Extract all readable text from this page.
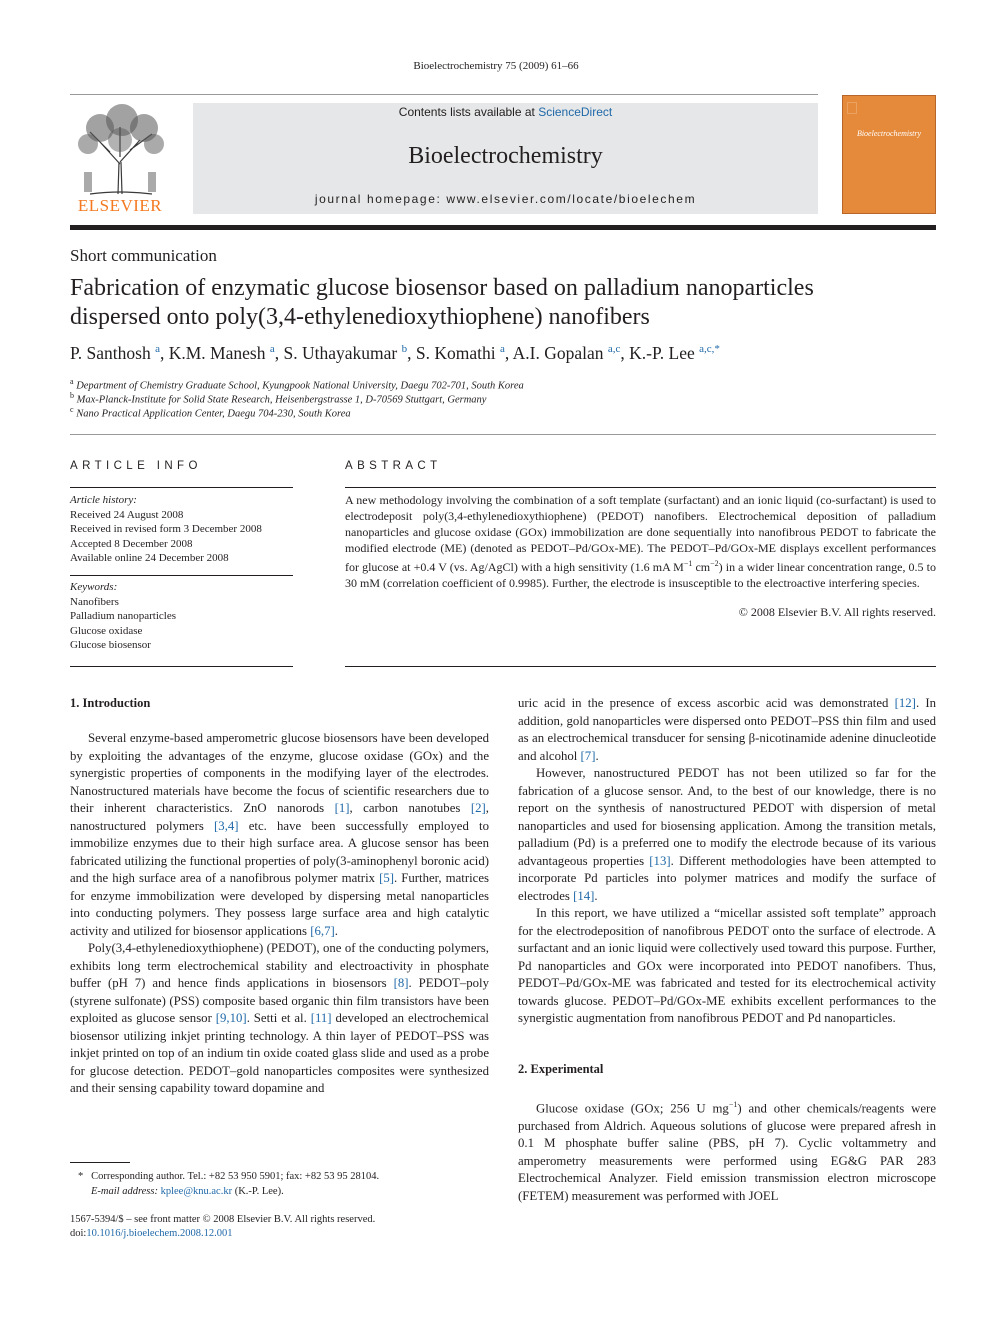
Bioelectrochemistry 75 (2009) 61–66
ELSEVIER
Contents lists available at ScienceDirect
Bioelectrochemistry
journal homepage: www.elsevier.com/locate/bioelechem
Bioelectrochemistry
Short communication
Fabrication of enzymatic glucose biosensor based on palladium nanoparticles
dispersed onto poly(3,4-ethylenedioxythiophene) nanofibers
P. Santhosh $^a$, K.M. Manesh $^a$, S. Uthayakumar $^b$, S. Komathi $^a$, A.I. Gopalan $^{a,c}$, K.-P. Lee $^{a,c,*}$
$^a$ Department of Chemistry Graduate School, Kyungpook National University, Daegu 702-701, South Korea
$^b$ Max-Planck-Institute for Solid State Research, Heisenbergstrasse 1, D-70569 Stuttgart, Germany
$^c$ Nano Practical Application Center, Daegu 704-230, South Korea
ARTICLE INFO
Article history:
Received 24 August 2008
Received in revised form 3 December 2008
Accepted 8 December 2008
Available online 24 December 2008
Keywords:
Nanofibers
Palladium nanoparticles
Glucose oxidase
Glucose biosensor
ABSTRACT
A new methodology involving the combination of a soft template (surfactant) and an ionic liquid (co-surfactant) is used to electrodeposit poly(3,4-ethylenedioxythiophene) (PEDOT) nanofibers. Electrochemical deposition of palladium nanoparticles and glucose oxidase (GOx) immobilization are done sequentially into nanofibrous PEDOT to fabricate the modified electrode (ME) (denoted as PEDOT–Pd/GOx-ME). The PEDOT–Pd/GOx-ME displays excellent performances for glucose at +0.4 V (vs. Ag/AgCl) with a high sensitivity (1.6 mA $M^{-1}$ $cm^{-2}$) in a wider linear concentration range, 0.5 to 30 mM (correlation coefficient of 0.9985). Further, the electrode is insusceptible to the electroactive interfering species.
© 2008 Elsevier B.V. All rights reserved.
1. Introduction

Several enzyme-based amperometric glucose biosensors have been developed by exploiting the advantages of the enzyme, glucose oxidase (GOx) and the synergistic properties of components in the modifying layer of the electrodes. Nanostructured materials have become the focus of scientific researchers due to their inherent characteristics. ZnO nanorods [1], carbon nanotubes [2], nanostructured polymers [3,4] etc. have been successfully employed to immobilize enzymes due to their high surface area. A glucose sensor has been fabricated utilizing the functional properties of poly(3-aminophenyl boronic acid) and the high surface area of a nanofibrous polymer matrix [5]. Further, matrices for enzyme immobilization were developed by dispersing metal nanoparticles into conducting polymers. They possess large surface area and high catalytic activity and utilized for biosensor applications [6,7].

Poly(3,4-ethylenedioxythiophene) (PEDOT), one of the conducting polymers, exhibits long term electrochemical stability and electroactivity in phosphate buffer (pH 7) and hence finds applications in biosensors [8]. PEDOT–poly (styrene sulfonate) (PSS) composite based organic thin film transistors have been exploited as glucose sensor [9,10]. Setti et al. [11] developed an electrochemical biosensor utilizing inkjet printing technology. A thin layer of PEDOT–PSS was inkjet printed on top of an indium tin oxide coated glass slide and used as a probe for glucose detection. PEDOT–gold nanoparticles composites were synthesized and their sensing capability toward dopamine and

uric acid in the presence of excess ascorbic acid was demonstrated [12]. In addition, gold nanoparticles were dispersed onto PEDOT–PSS thin film and used as an electrochemical transducer for sensing β-nicotinamide adenine dinucleotide and alcohol [7].

However, nanostructured PEDOT has not been utilized so far for the fabrication of a glucose sensor. And, to the best of our knowledge, there is no report on the synthesis of nanostructured PEDOT with dispersion of metal nanoparticles and used for biosensing application. Among the transition metals, palladium (Pd) is a preferred one to modify the electrode because of its various advantageous properties [13]. Different methodologies have been attempted to incorporate Pd particles into polymer matrices and modify the surface of electrodes [14].

In this report, we have utilized a “micellar assisted soft template” approach for the electrodeposition of nanofibrous PEDOT onto the surface of electrode. A surfactant and an ionic liquid were collectively used toward this purpose. Further, Pd nanoparticles and GOx were incorporated into PEDOT nanofibers. Thus, PEDOT–Pd/GOx-ME was fabricated and tested for its electrochemical activity towards glucose. PEDOT–Pd/GOx-ME exhibits excellent performances to the synergistic augmentation from nanofibrous PEDOT and Pd nanoparticles.

2. Experimental

Glucose oxidase (GOx; 256 U $mg^{-1}$) and other chemicals/reagents were purchased from Aldrich. Aqueous solutions of glucose were prepared afresh in 0.1 M phosphate buffer saline (PBS, pH 7). Cyclic voltammetry and amperometry measurements were performed using EG&G PAR 283 Electrochemical Analyzer. Field emission transmission electron microscope (FETEM) measurement was performed with JOEL

* Corresponding author. Tel.: +82 53 950 5901; fax: +82 53 95 28104.
E-mail address: kplee@knu.ac.kr (K.-P. Lee).
1567-5394/$ – see front matter © 2008 Elsevier B.V. All rights reserved.
doi:10.1016/j.bioelechem.2008.12.001
